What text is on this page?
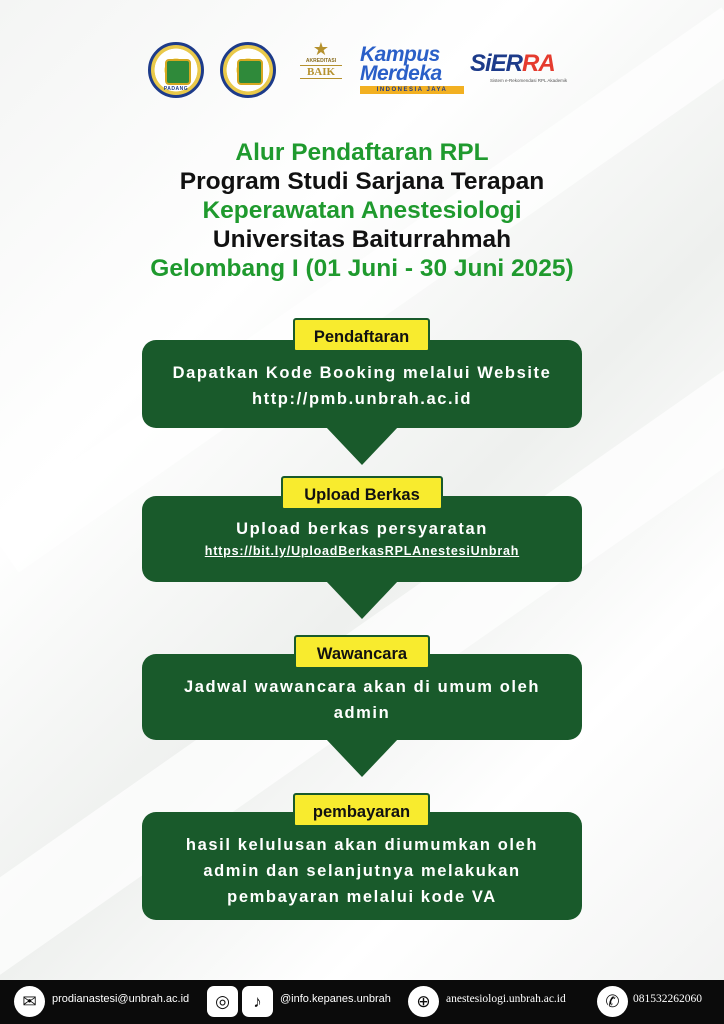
PADANG
★
AKREDITASI
BAIK
Kampus
Merdeka
INDONESIA JAYA
SiERRA
Sistem e-Rekomendasi RPL Akademik
Alur Pendaftaran RPL
Program Studi Sarjana Terapan
Keperawatan Anestesiologi
Universitas Baiturrahmah
Gelombang I (01 Juni - 30 Juni 2025)
Dapatkan Kode Booking melalui Website
http://pmb.unbrah.ac.id
Pendaftaran
Upload berkas persyaratan
https://bit.ly/UploadBerkasRPLAnestesiUnbrah
Upload Berkas
Jadwal wawancara akan di umum oleh
admin
Wawancara
hasil kelulusan akan diumumkan oleh
admin dan selanjutnya melakukan
pembayaran melalui kode VA
pembayaran
✉	prodianastesi@unbrah.ac.id	◎	♪	@info.kepanes.unbrah	⊕	anestesiologi.unbrah.ac.id	✆	081532262060
